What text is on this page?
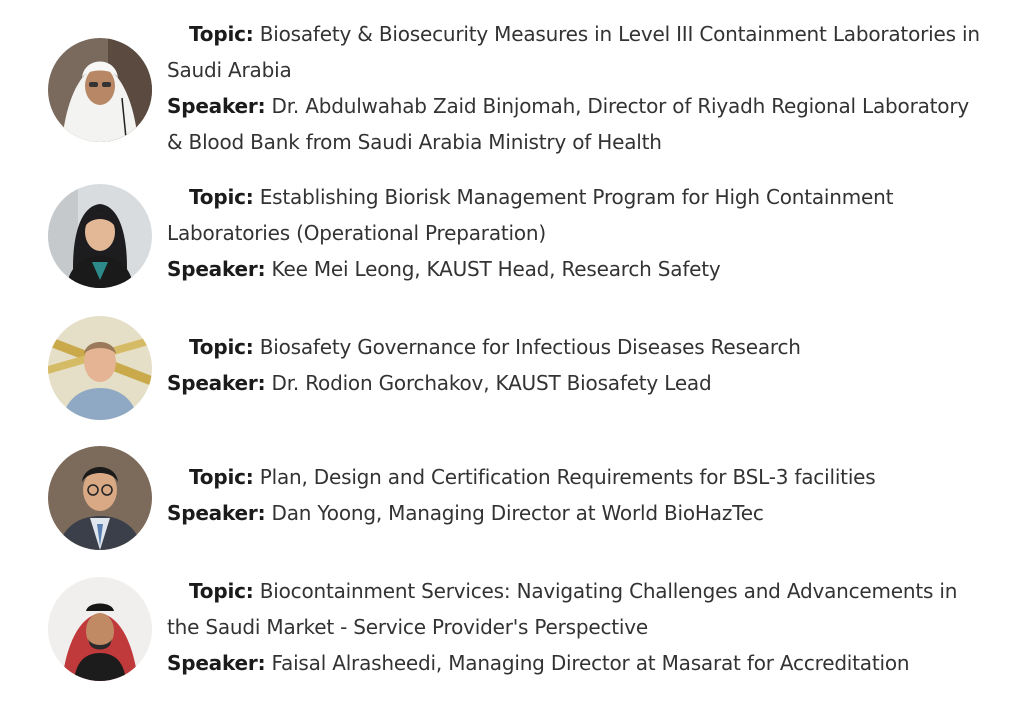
Topic: Biosafety & Biosecurity Measures in Level III Containment Laboratories in Saudi Arabia
Speaker: Dr. Abdulwahab Zaid Binjomah, Director of Riyadh Regional Laboratory & Blood Bank from Saudi Arabia Ministry of Health
Topic: Establishing Biorisk Management Program for High Containment Laboratories (Operational Preparation)
Speaker: Kee Mei Leong, KAUST Head, Research Safety
Topic: Biosafety Governance for Infectious Diseases Research
Speaker: Dr. Rodion Gorchakov, KAUST Biosafety Lead
Topic: Plan, Design and Certification Requirements for BSL-3 facilities
Speaker: Dan Yoong, Managing Director at World BioHazTec
Topic: Biocontainment Services: Navigating Challenges and Advancements in the Saudi Market - Service Provider's Perspective
Speaker: Faisal Alrasheedi, Managing Director at Masarat for Accreditation
